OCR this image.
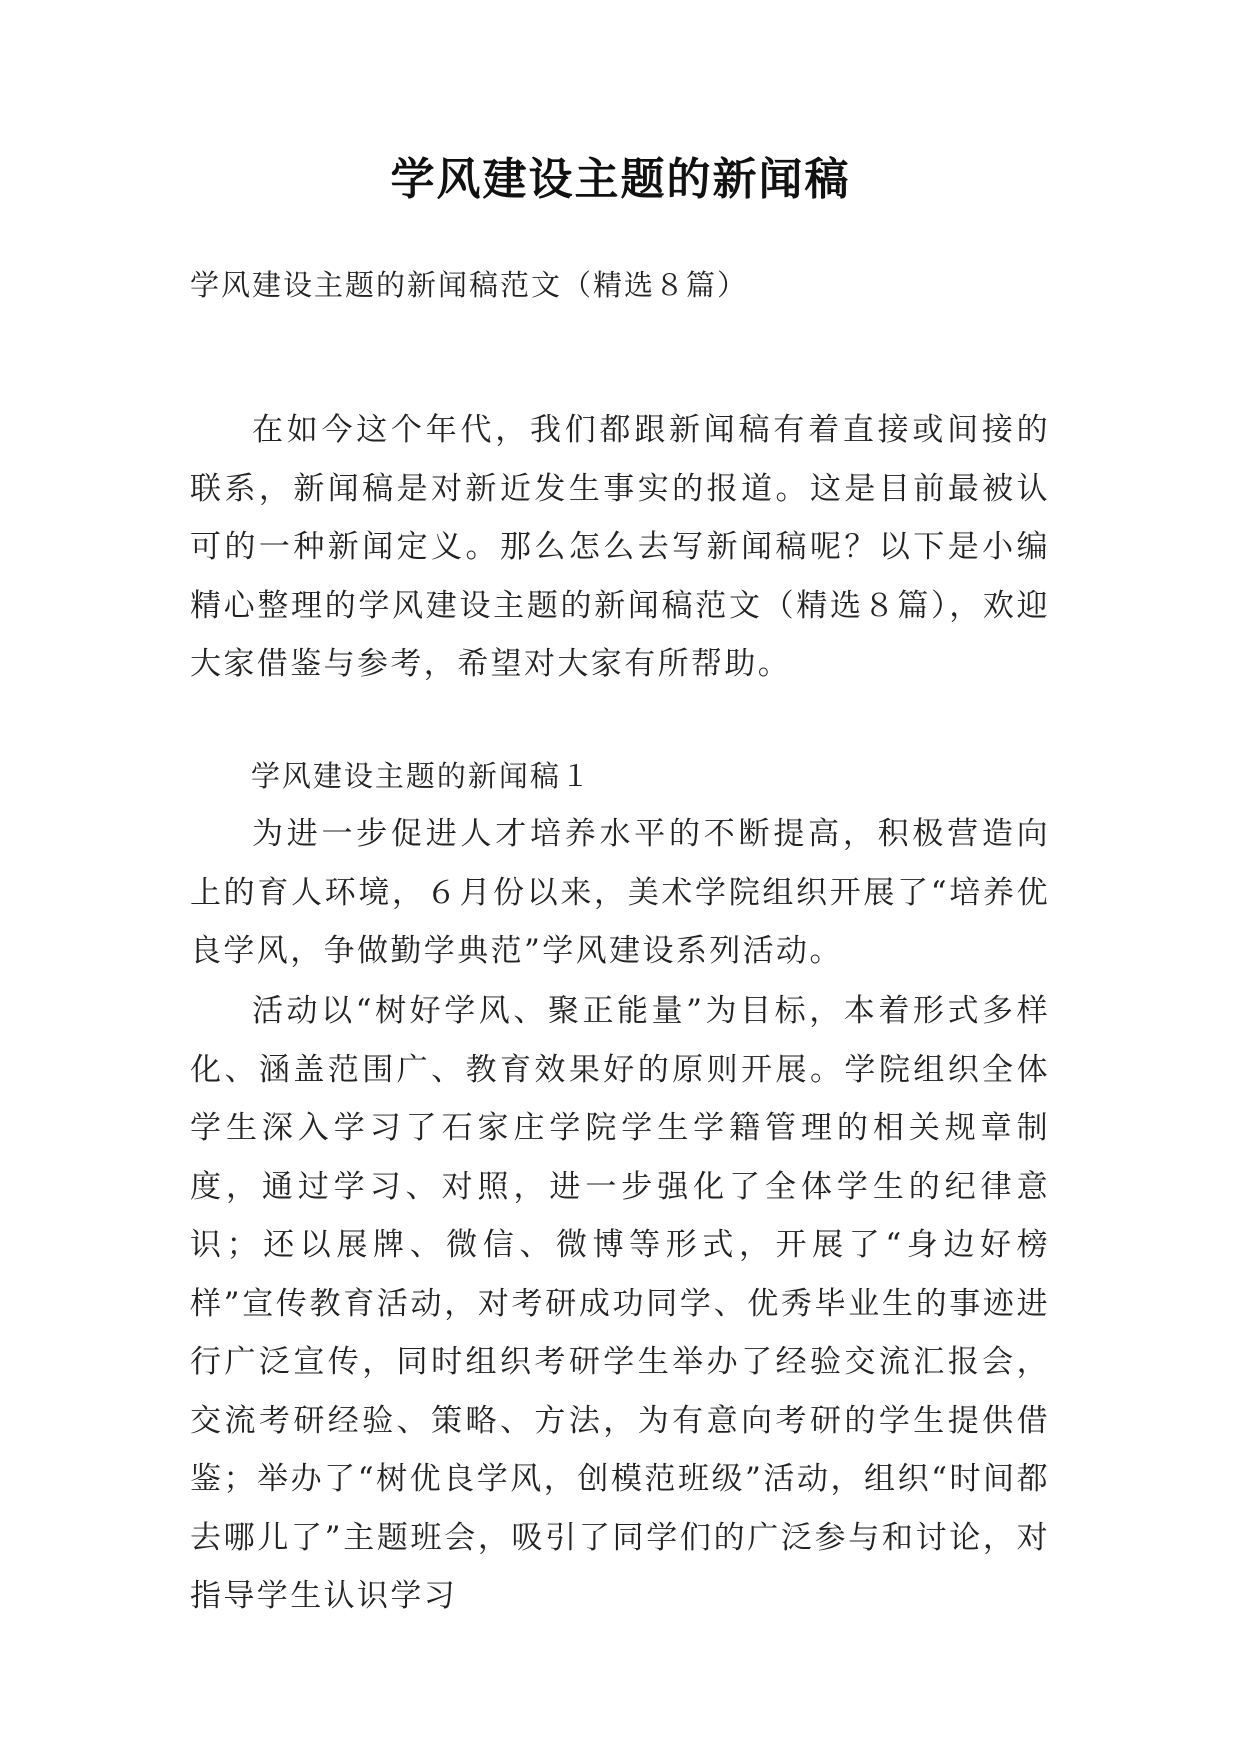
学风建设主题的新闻稿

学风建设主题的新闻稿范文（精选８篇）

在如今这个年代，我们都跟新闻稿有着直接或间接的联系，新闻稿是对新近发生事实的报道。这是目前最被认可的一种新闻定义。那么怎么去写新闻稿呢？以下是小编精心整理的学风建设主题的新闻稿范文（精选８篇），欢迎大家借鉴与参考，希望对大家有所帮助。

学风建设主题的新闻稿１

为进一步促进人才培养水平的不断提高，积极营造向上的育人环境，６月份以来，美术学院组织开展了“培养优良学风，争做勤学典范”学风建设系列活动。

活动以“树好学风、聚正能量”为目标，本着形式多样化、涵盖范围广、教育效果好的原则开展。学院组织全体学生深入学习了石家庄学院学生学籍管理的相关规章制度，通过学习、对照，进一步强化了全体学生的纪律意识；还以展牌、微信、微博等形式，开展了“身边好榜样”宣传教育活动，对考研成功同学、优秀毕业生的事迹进行广泛宣传，同时组织考研学生举办了经验交流汇报会，交流考研经验、策略、方法，为有意向考研的学生提供借鉴；举办了“树优良学风，创模范班级”活动，组织“时间都去哪儿了”主题班会，吸引了同学们的广泛参与和讨论，对指导学生认识学习
